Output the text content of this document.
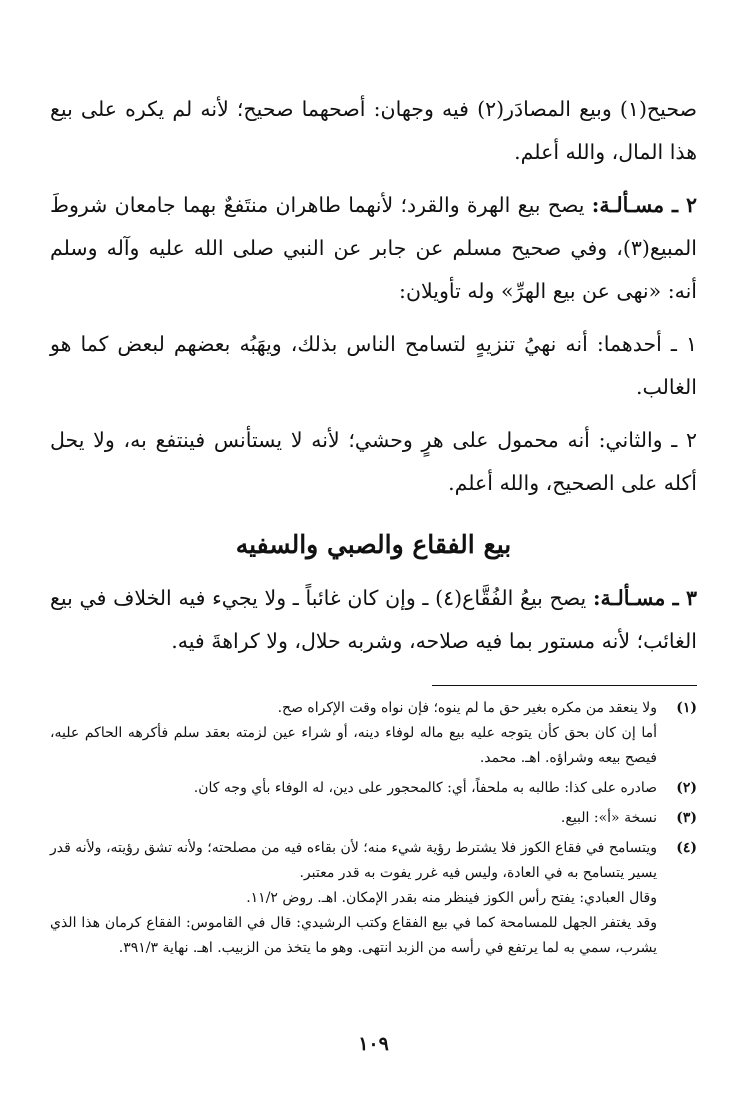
صحيح(١) وبيع المصادَر(٢) فيه وجهان: أصحهما صحيح؛ لأنه لم يكره على بيع هذا المال، والله أعلم.

٢ ـ مسـألـة: يصح بيع الهرة والقرد؛ لأنهما طاهران منتَفعٌ بهما جامعان شروطَ المبيع(٣)، وفي صحيح مسلم عن جابر عن النبي صلى الله عليه وآله وسلم أنه: «نهى عن بيع الهرِّ» وله تأويلان:

١ ـ أحدهما: أنه نهيُ تنزيهٍ لتسامح الناس بذلك، ويهَبُه بعضهم لبعض كما هو الغالب.

٢ ـ والثاني: أنه محمول على هرٍ وحشي؛ لأنه لا يستأنس فينتفع به، ولا يحل أكله على الصحيح، والله أعلم.

بيع الفقاع والصبي والسفيه

٣ ـ مسـألـة: يصح بيعُ الفُقَّاع(٤) ـ وإن كان غائباً ـ ولا يجيء فيه الخلاف في بيع الغائب؛ لأنه مستور بما فيه صلاحه، وشربه حلال، ولا كراهةَ فيه.

(١)
ولا ينعقد من مكره بغير حق ما لم ينوه؛ فإن نواه وقت الإكراه صح.
أما إن كان بحق كأن يتوجه عليه بيع ماله لوفاء دينه، أو شراء عين لزمته بعقد سلم فأكرهه الحاكم عليه، فيصح بيعه وشراؤه. اهـ. محمد.
(٢)
صادره على كذا: طالبه به ملحفاً، أي: كالمحجور على دين، له الوفاء بأي وجه كان.
(٣)
نسخة «أ»: البيع.
(٤)
ويتسامح في فقاع الكوز فلا يشترط رؤية شيء منه؛ لأن بقاءه فيه من مصلحته؛ ولأنه تشق رؤيته، ولأنه قدر يسير يتسامح به في العادة، وليس فيه غرر يفوت به قدر معتبر.
وقال العبادي: يفتح رأس الكوز فينظر منه بقدر الإمكان. اهـ. روض ١١/٢.
وقد يغتفر الجهل للمسامحة كما في بيع الفقاع وكتب الرشيدي: قال في القاموس: الفقاع كرمان هذا الذي يشرب، سمي به لما يرتفع في رأسه من الزبد انتهى. وهو ما يتخذ من الزبيب. اهـ. نهاية ٣٩١/٣.
١٠٩
